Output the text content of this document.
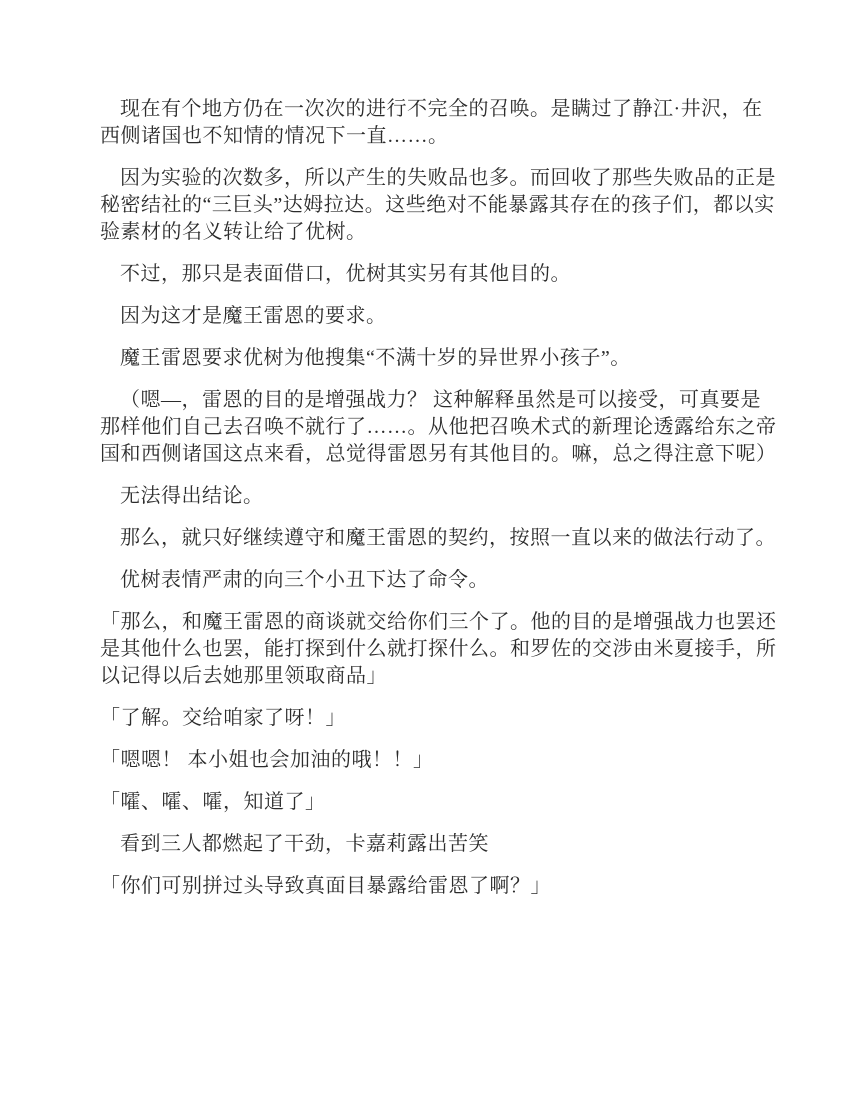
现在有个地方仍在一次次的进行不完全的召唤。是瞒过了静江·井沢，在西侧诸国也不知情的情况下一直……。

因为实验的次数多，所以产生的失败品也多。而回收了那些失败品的正是秘密结社的“三巨头”达姆拉达。这些绝对不能暴露其存在的孩子们，都以实验素材的名义转让给了优树。

不过，那只是表面借口，优树其实另有其他目的。

因为这才是魔王雷恩的要求。

魔王雷恩要求优树为他搜集“不满十岁的异世界小孩子”。

（嗯—，雷恩的目的是增强战力？ 这种解释虽然是可以接受，可真要是那样他们自己去召唤不就行了……。从他把召唤术式的新理论透露给东之帝国和西侧诸国这点来看，总觉得雷恩另有其他目的。嘛，总之得注意下呢）

无法得出结论。

那么，就只好继续遵守和魔王雷恩的契约，按照一直以来的做法行动了。

优树表情严肃的向三个小丑下达了命令。

「那么，和魔王雷恩的商谈就交给你们三个了。他的目的是增强战力也罢还是其他什么也罢，能打探到什么就打探什么。和罗佐的交涉由米夏接手，所以记得以后去她那里领取商品」

「了解。交给咱家了呀！」

「嗯嗯！ 本小姐也会加油的哦！！」

「嚯、嚯、嚯，知道了」

看到三人都燃起了干劲，卡嘉莉露出苦笑

「你们可别拼过头导致真面目暴露给雷恩了啊？」
